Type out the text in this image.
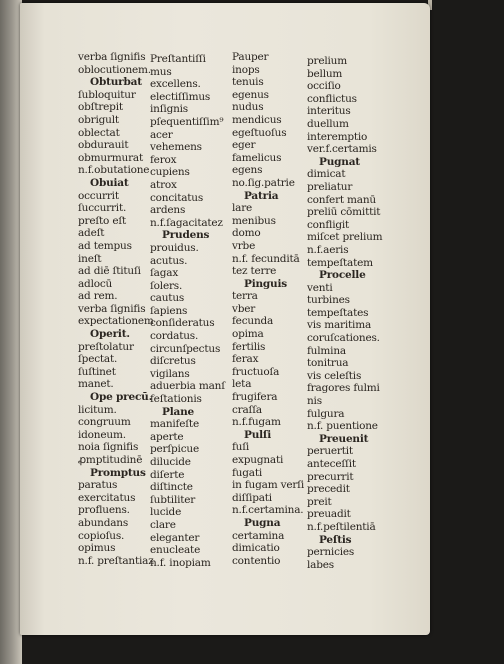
verba ſignifis
oblocutionem.
Obturbat
ſubloquitur
obſtrepit
obrigult
oblectat
obdurauit
obmurmurat
n.f.obutatione
Obuiat
occurrit
ſuccurrit.
preſto eſt
adeſt
ad tempus
ineſt
ad diē ſtituſi
adlocū
ad rem.
verba ſignifis
expectationem
Operit.
preſtolatur
ſpectat.
ſuſtinet
manet.
Ope precū.
licitum.
congruum
idoneum.
noia ſignifis
ꝓmptitudinē
Promptus
paratus
exercitatus
profluens.
abundans
copioſus.
opimus
n.f. preſtantiaz
Preſtantiſſi
mus
excellens.
electiſſimus
inſignis
pſequentiſſim⁹
acer
vehemens
ferox
cupiens
atrox
concitatus
ardens
n.f.ſagacitatez
Prudens
prouidus.
acutus.
ſagax
ſolers.
cautus
ſapiens
conſideratus
cordatus.
circunſpectus
diſcretus
vigilans
aduerbia manſ
feſtationis
Plane
manifeſte
aperte
perſpicue
dilucide
diſerte
diſtincte
ſubtiliter
lucide
clare
eleganter
enucleate
n.f. inopiam
Pauper
inops
tenuis
egenus
nudus
mendicus
egeſtuoſus
eger
famelicus
egens
no.ſig.patrie
Patria
lare
menibus
domo
vrbe
n.f. fecunditā
tez terre
Pinguis
terra
vber
fecunda
opima
fertilis
ferax
fructuoſa
leta
frugifera
craſſa
n.f.fugam
Pulſi
fuſi
expugnati
fugati
in fugam verſi
diſſipati
n.f.certamina.
Pugna
certamina
dimicatio
contentio
prelium
bellum
occiſio
conflictus
interitus
duellum
interemptio
ver.f.certamis
Pugnat
dimicat
preliatur
confert manū
preliū cōmittit
confligit
miſcet prelium
n.f.aeris
tempeſtatem
Procelle
venti
turbines
tempeſtates
vis maritima
coruſcationes.
fulmina
tonitrua
vis celeſtis
fragores fulmi
nis
fulgura
n.f. puentione
Preuenit
peruertit
anteceſſit
precurrit
precedit
preit
preuadit
n.f.peſtilentiā
Peſtis
pernicies
labes
